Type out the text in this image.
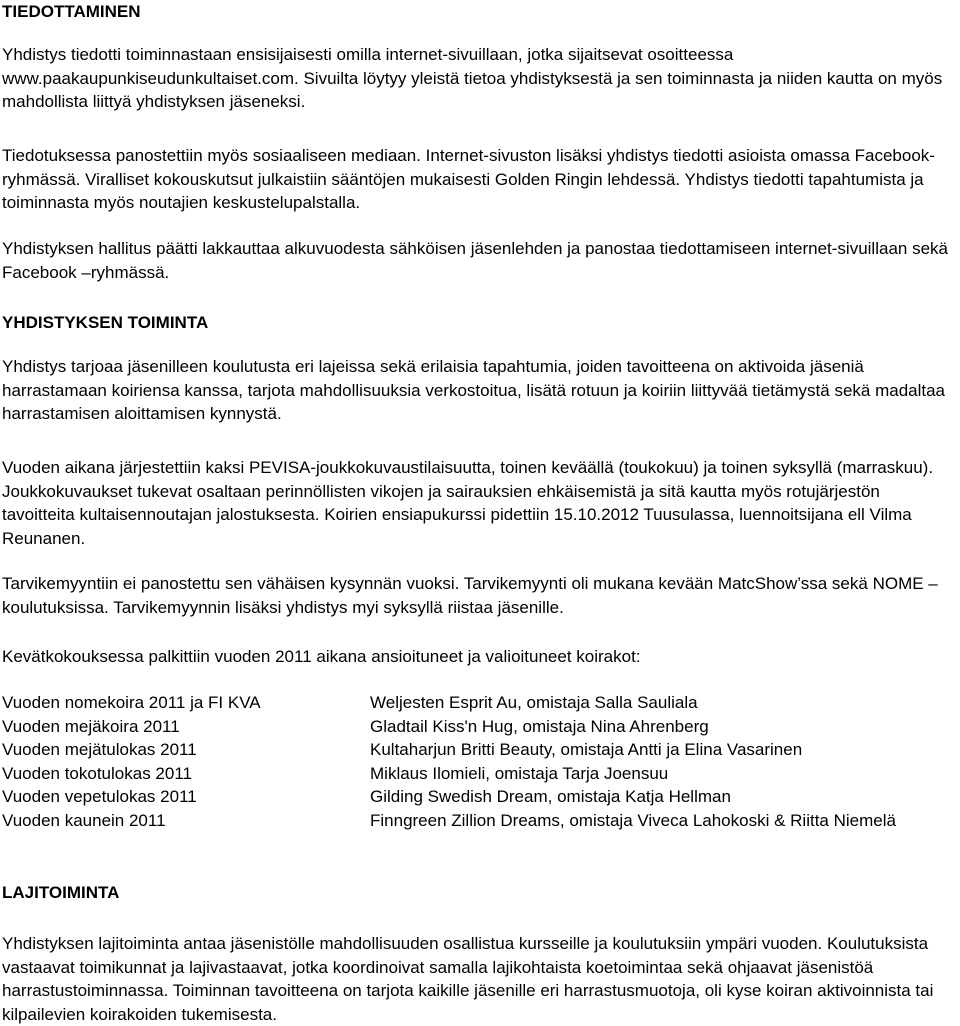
TIEDOTTAMINEN

Yhdistys tiedotti toiminnastaan ensisijaisesti omilla internet-sivuillaan, jotka sijaitsevat osoitteessa www.paakaupunkiseudunkultaiset.com. Sivuilta löytyy yleistä tietoa yhdistyksestä ja sen toiminnasta ja niiden kautta on myös mahdollista liittyä yhdistyksen jäseneksi.

Tiedotuksessa panostettiin myös sosiaaliseen mediaan. Internet-sivuston lisäksi yhdistys tiedotti asioista omassa Facebook-ryhmässä. Viralliset kokouskutsut julkaistiin sääntöjen mukaisesti Golden Ringin lehdessä. Yhdistys tiedotti tapahtumista ja toiminnasta myös noutajien keskustelupalstalla.

Yhdistyksen hallitus päätti lakkauttaa alkuvuodesta sähköisen jäsenlehden ja panostaa tiedottamiseen internet-sivuillaan sekä Facebook –ryhmässä.

YHDISTYKSEN TOIMINTA

Yhdistys tarjoaa jäsenilleen koulutusta eri lajeissa sekä erilaisia tapahtumia, joiden tavoitteena on aktivoida jäseniä harrastamaan koiriensa kanssa, tarjota mahdollisuuksia verkostoitua, lisätä rotuun ja koiriin liittyvää tietämystä sekä madaltaa harrastamisen aloittamisen kynnystä.

Vuoden aikana järjestettiin kaksi PEVISA-joukkokuvaustilaisuutta, toinen keväällä (toukokuu) ja toinen syksyllä (marraskuu). Joukkokuvaukset tukevat osaltaan perinnöllisten vikojen ja sairauksien ehkäisemistä ja sitä kautta myös rotujärjestön tavoitteita kultaisennoutajan jalostuksesta. Koirien ensiapukurssi pidettiin 15.10.2012 Tuusulassa, luennoitsijana ell Vilma Reunanen.

Tarvikemyyntiin ei panostettu sen vähäisen kysynnän vuoksi. Tarvikemyynti oli mukana kevään MatcShow’ssa sekä NOME –koulutuksissa. Tarvikemyynnin lisäksi yhdistys myi syksyllä riistaa jäsenille.

Kevätkokouksessa palkittiin vuoden 2011 aikana ansioituneet ja valioituneet koirakot:

Vuoden nomekoira 2011 ja FI KVA	Weljesten Esprit Au, omistaja Salla Sauliala
Vuoden mejäkoira 2011	Gladtail Kiss'n Hug, omistaja Nina Ahrenberg
Vuoden mejätulokas 2011	Kultaharjun Britti Beauty, omistaja Antti ja Elina Vasarinen
Vuoden tokotulokas 2011	Miklaus Ilomieli, omistaja Tarja Joensuu
Vuoden vepetulokas 2011	Gilding Swedish Dream, omistaja Katja Hellman
Vuoden kaunein 2011	Finngreen Zillion Dreams, omistaja Viveca Lahokoski & Riitta Niemelä
LAJITOIMINTA

Yhdistyksen lajitoiminta antaa jäsenistölle mahdollisuuden osallistua kursseille ja koulutuksiin ympäri vuoden. Koulutuksista vastaavat toimikunnat ja lajivastaavat, jotka koordinoivat samalla lajikohtaista koetoimintaa sekä ohjaavat jäsenistöä harrastustoiminnassa. Toiminnan tavoitteena on tarjota kaikille jäsenille eri harrastusmuotoja, oli kyse koiran aktivoinnista tai kilpailevien koirakoiden tukemisesta.
